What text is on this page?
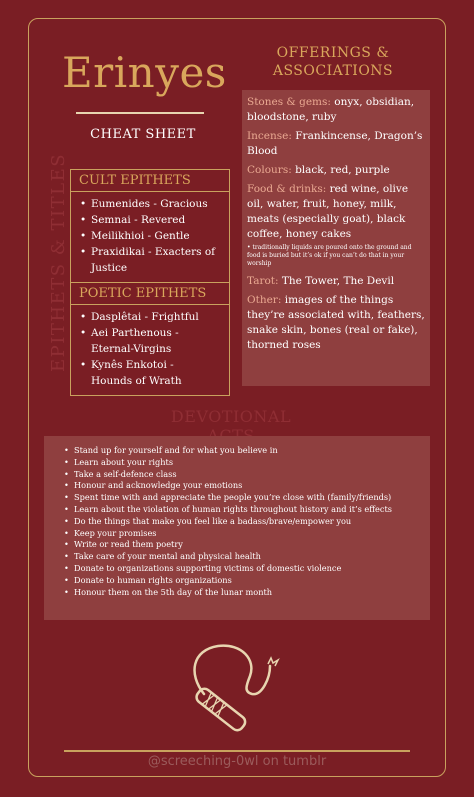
Erinyes
CHEAT SHEET
EPITHETS & TITLES CULT EPITHETS
• Eumenides - Gracious
• Semnai - Revered
• Meilikhioi - Gentle
• Praxidikai - Exacters of Justice
POETIC EPITHETS
• Dasplêtai - Frightful
• Aei Parthenous - Eternal-Virgins
• Kynês Enkotoi - Hounds of Wrath
OFFERINGS &
ASSOCIATIONS
Stones & gems: onyx, obsidian, bloodstone, ruby
Incense: Frankincense, Dragon’s Blood
Colours: black, red, purple
Food & drinks: red wine, olive oil, water, fruit, honey, milk, meats (especially goat), black coffee, honey cakes
• traditionally liquids are poured onto the ground and food is buried but it’s ok if you can’t do that in your worship
Tarot: The Tower, The Devil
Other: images of the things they’re associated with, feathers, snake skin, bones (real or fake), thorned roses
DEVOTIONAL
• Stand up for yourself and for what you believe in
• Learn about your rights
• Take a self-defence class
• Honour and acknowledge your emotions
• Spent time with and appreciate the people you’re close with (family/friends)
• Learn about the violation of human rights throughout history and it’s effects
• Do the things that make you feel like a badass/brave/empower you
• Keep your promises
• Write or read them poetry
• Take care of your mental and physical health
• Donate to organizations supporting victims of domestic violence
• Donate to human rights organizations
• Honour them on the 5th day of the lunar month
@screeching-0wl on tumblr
